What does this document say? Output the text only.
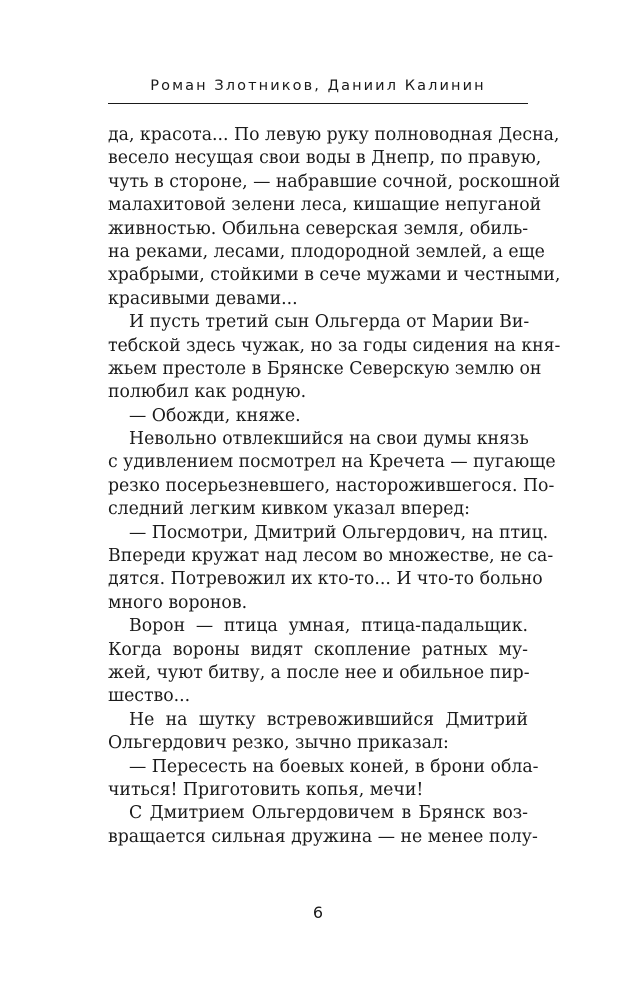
Роман Злотников, Даниил Калинин
да, красота... По левую руку полноводная Десна,
весело несущая свои воды в Днепр, по правую,
чуть в стороне, — набравшие сочной, роскошной
малахитовой зелени леса, кишащие непуганой
живностью. Обильна северская земля, обиль-
на реками, лесами, плодородной землей, а еще
храбрыми, стойкими в сече мужами и честными,
красивыми девами...
И пусть третий сын Ольгерда от Марии Ви-
тебской здесь чужак, но за годы сидения на кня-
жьем престоле в Брянске Северскую землю он
полюбил как родную.
— Обожди, княже.
Невольно отвлекшийся на свои думы князь
с удивлением посмотрел на Кречета — пугающе
резко посерьезневшего, насторожившегося. По-
следний легким кивком указал вперед:
— Посмотри, Дмитрий Ольгердович, на птиц.
Впереди кружат над лесом во множестве, не са-
дятся. Потревожил их кто-то... И что-то больно
много воронов.
Ворон — птица умная, птица-падальщик.
Когда вороны видят скопление ратных му-
жей, чуют битву, а после нее и обильное пир-
шество...
Не на шутку встревожившийся Дмитрий
Ольгердович резко, зычно приказал:
— Пересесть на боевых коней, в брони обла-
читься! Приготовить копья, мечи!
С Дмитрием Ольгердовичем в Брянск воз-
вращается сильная дружина — не менее полу-
6
